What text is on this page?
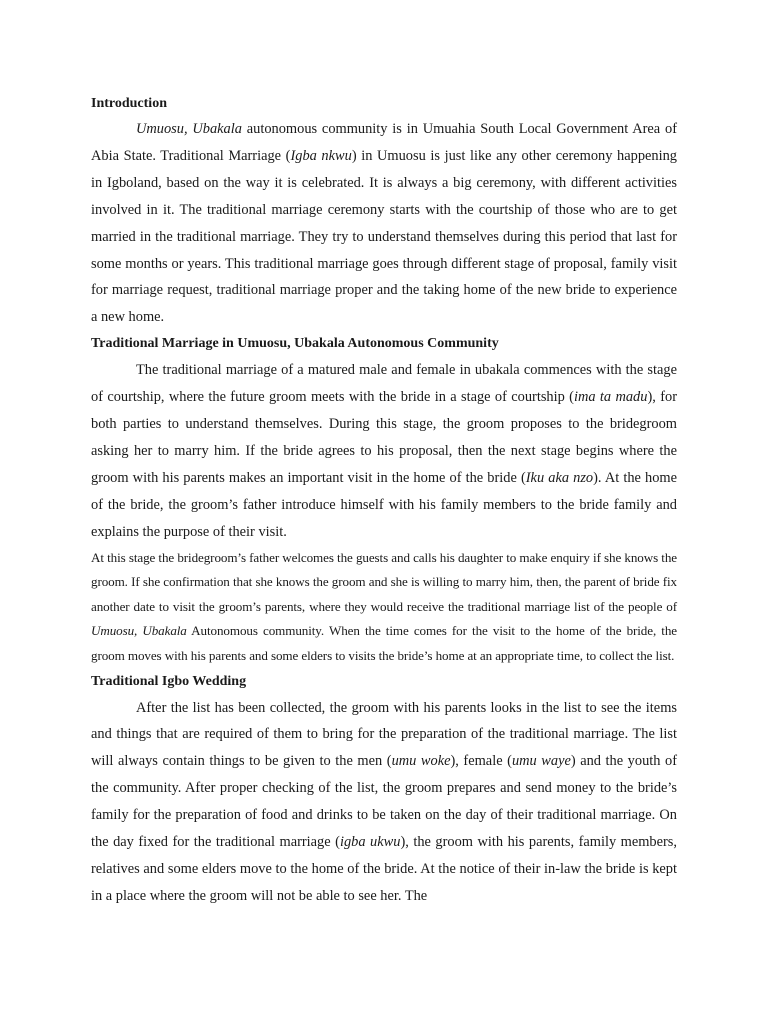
Introduction

Umuosu, Ubakala autonomous community is in Umuahia South Local Government Area of Abia State. Traditional Marriage (Igba nkwu) in Umuosu is just like any other ceremony happening in Igboland, based on the way it is celebrated. It is always a big ceremony, with different activities involved in it. The traditional marriage ceremony starts with the courtship of those who are to get married in the traditional marriage. They try to understand themselves during this period that last for some months or years. This traditional marriage goes through different stage of proposal, family visit for marriage request, traditional marriage proper and the taking home of the new bride to experience a new home.

Traditional Marriage in Umuosu, Ubakala Autonomous Community

The traditional marriage of a matured male and female in ubakala commences with the stage of courtship, where the future groom meets with the bride in a stage of courtship (ima ta madu), for both parties to understand themselves. During this stage, the groom proposes to the bridegroom asking her to marry him. If the bride agrees to his proposal, then the next stage begins where the groom with his parents makes an important visit in the home of the bride (Iku aka nzo). At the home of the bride, the groom’s father introduce himself with his family members to the bride family and explains the purpose of their visit.

At this stage the bridegroom’s father welcomes the guests and calls his daughter to make enquiry if she knows the groom. If she confirmation that she knows the groom and she is willing to marry him, then, the parent of bride fix another date to visit the groom’s parents, where they would receive the traditional marriage list of the people of Umuosu, Ubakala Autonomous community. When the time comes for the visit to the home of the bride, the groom moves with his parents and some elders to visits the bride’s home at an appropriate time, to collect the list.

Traditional Igbo Wedding

After the list has been collected, the groom with his parents looks in the list to see the items and things that are required of them to bring for the preparation of the traditional marriage. The list will always contain things to be given to the men (umu woke), female (umu waye) and the youth of the community. After proper checking of the list, the groom prepares and send money to the bride’s family for the preparation of food and drinks to be taken on the day of their traditional marriage. On the day fixed for the traditional marriage (igba ukwu), the groom with his parents, family members, relatives and some elders move to the home of the bride. At the notice of their in-law the bride is kept in a place where the groom will not be able to see her. The
